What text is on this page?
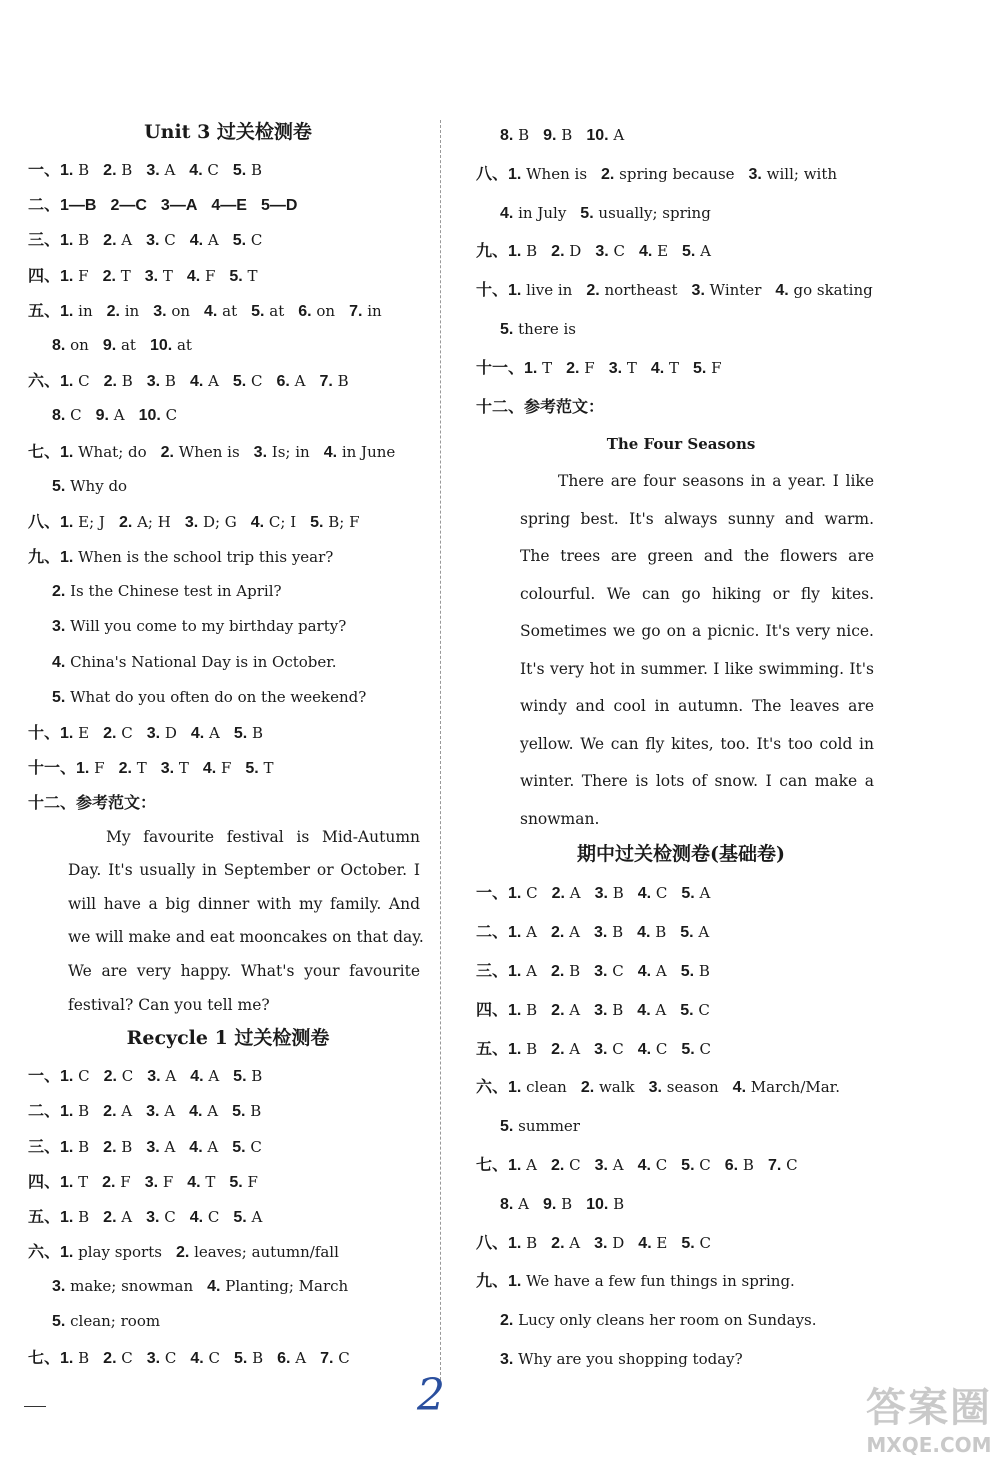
Unit 3 过关检测卷
一、1. B 2. B 3. A 4. C 5. B
二、1—B 2—C 3—A 4—E 5—D
三、1. B 2. A 3. C 4. A 5. C
四、1. F 2. T 3. T 4. F 5. T
五、1. in 2. in 3. on 4. at 5. at 6. on 7. in
8. on 9. at 10. at
六、1. C 2. B 3. B 4. A 5. C 6. A 7. B
8. C 9. A 10. C
七、1. What; do 2. When is 3. Is; in 4. in June
5. Why do
八、1. E; J 2. A; H 3. D; G 4. C; I 5. B; F
九、1. When is the school trip this year?
2. Is the Chinese test in April?
3. Will you come to my birthday party?
4. China's National Day is in October.
5. What do you often do on the weekend?
十、1. E 2. C 3. D 4. A 5. B
十一、1. F 2. T 3. T 4. F 5. T
十二、参考范文：
My favourite festival is Mid-Autumn
Day. It's usually in September or October. I
will have a big dinner with my family. And
we will make and eat mooncakes on that day.
We are very happy. What's your favourite
festival? Can you tell me?
Recycle 1 过关检测卷
一、1. C 2. C 3. A 4. A 5. B
二、1. B 2. A 3. A 4. A 5. B
三、1. B 2. B 3. A 4. A 5. C
四、1. T 2. F 3. F 4. T 5. F
五、1. B 2. A 3. C 4. C 5. A
六、1. play sports 2. leaves; autumn/fall
3. make; snowman 4. Planting; March
5. clean; room
七、1. B 2. C 3. C 4. C 5. B 6. A 7. C
8. B 9. B 10. A
八、1. When is 2. spring because 3. will; with
4. in July 5. usually; spring
九、1. B 2. D 3. C 4. E 5. A
十、1. live in 2. northeast 3. Winter 4. go skating
5. there is
十一、1. T 2. F 3. T 4. T 5. F
十二、参考范文：
The Four Seasons
There are four seasons in a year. I like
spring best. It's always sunny and warm.
The trees are green and the flowers are
colourful. We can go hiking or fly kites.
Sometimes we go on a picnic. It's very nice.
It's very hot in summer. I like swimming. It's
windy and cool in autumn. The leaves are
yellow. We can fly kites, too. It's too cold in
winter. There is lots of snow. I can make a
snowman.
期中过关检测卷(基础卷)
一、1. C 2. A 3. B 4. C 5. A
二、1. A 2. A 3. B 4. B 5. A
三、1. A 2. B 3. C 4. A 5. B
四、1. B 2. A 3. B 4. A 5. C
五、1. B 2. A 3. C 4. C 5. C
六、1. clean 2. walk 3. season 4. March/Mar.
5. summer
七、1. A 2. C 3. A 4. C 5. C 6. B 7. C
8. A 9. B 10. B
八、1. B 2. A 3. D 4. E 5. C
九、1. We have a few fun things in spring.
2. Lucy only cleans her room on Sundays.
3. Why are you shopping today?
2	答案圈
MXQE.COM
